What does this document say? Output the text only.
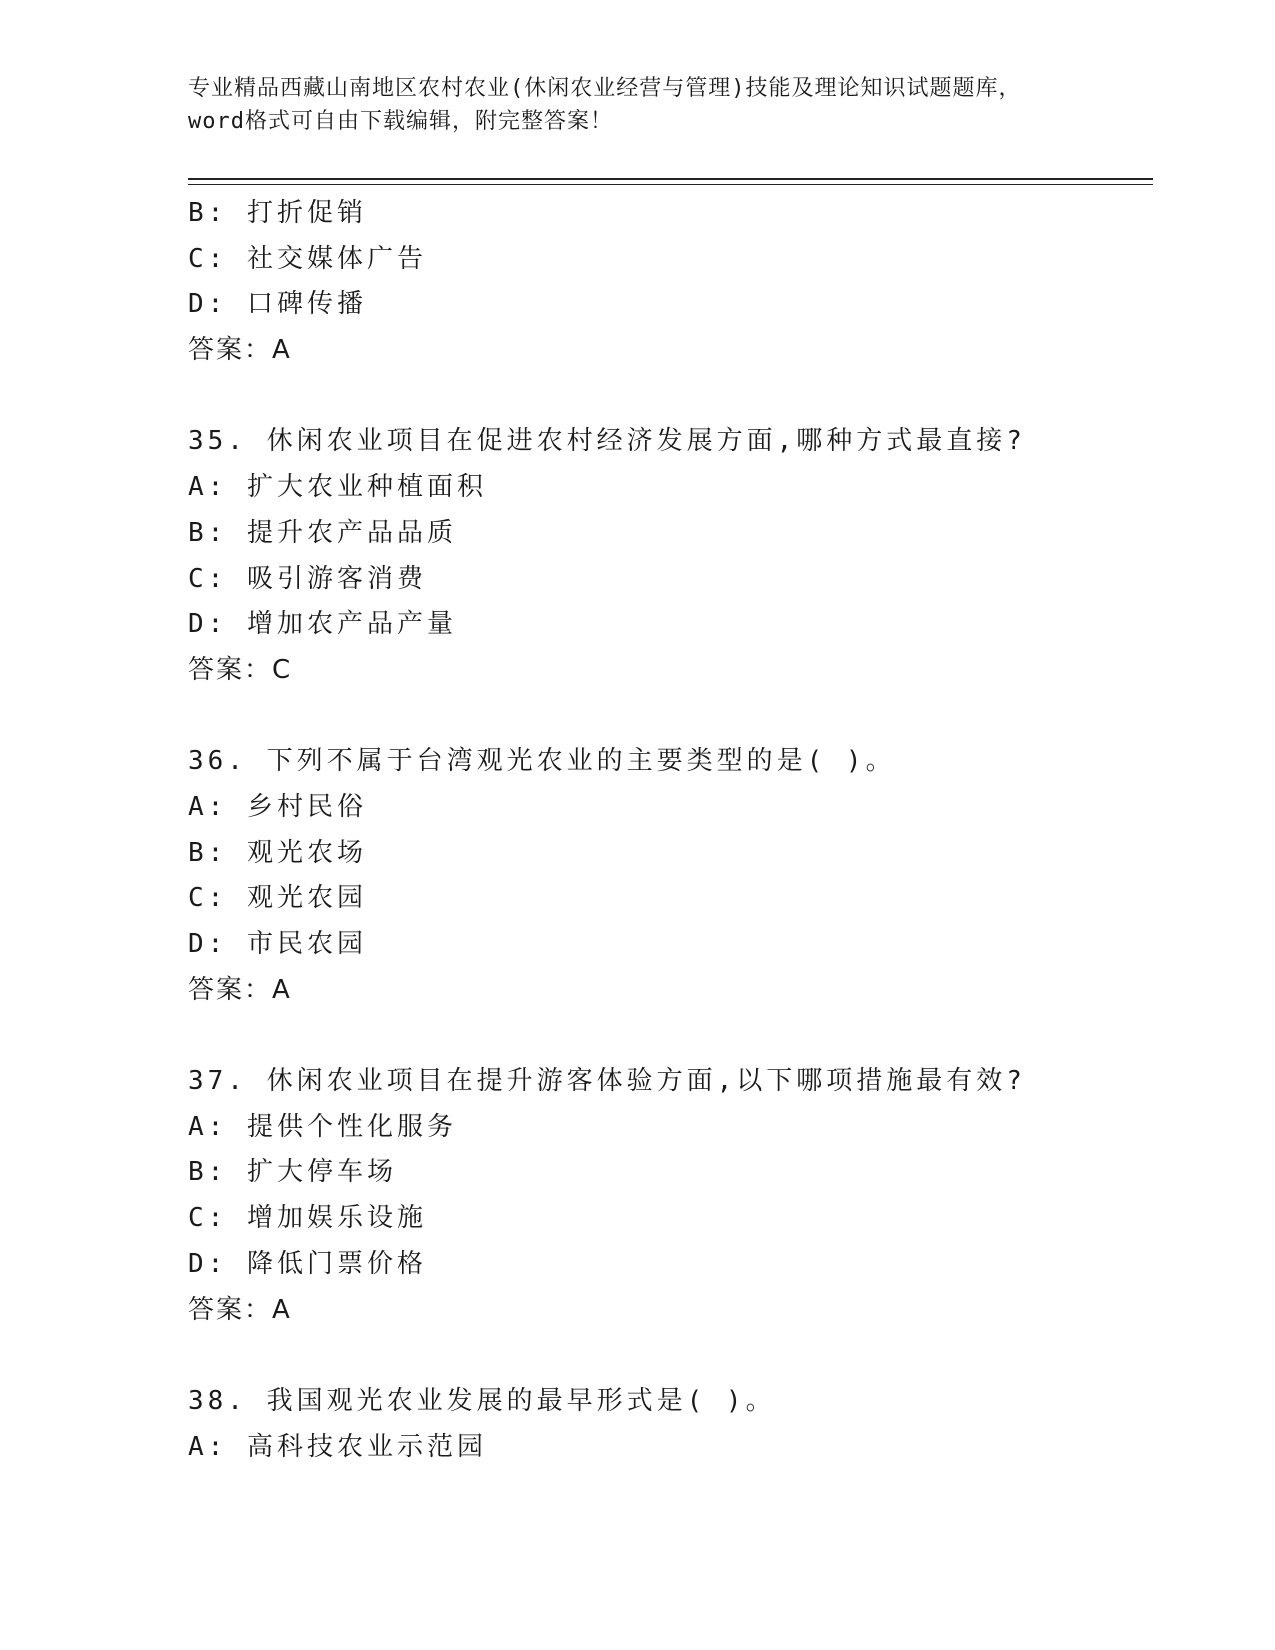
专业精品西藏山南地区农村农业(休闲农业经营与管理)技能及理论知识试题题库，
word格式可自由下载编辑，附完整答案！
B: 打折促销
C: 社交媒体广告
D: 口碑传播
答案：A
35. 休闲农业项目在促进农村经济发展方面,哪种方式最直接?
A: 扩大农业种植面积
B: 提升农产品品质
C: 吸引游客消费
D: 增加农产品产量
答案：C
36. 下列不属于台湾观光农业的主要类型的是( )。
A: 乡村民俗
B: 观光农场
C: 观光农园
D: 市民农园
答案：A
37. 休闲农业项目在提升游客体验方面,以下哪项措施最有效?
A: 提供个性化服务
B: 扩大停车场
C: 增加娱乐设施
D: 降低门票价格
答案：A
38. 我国观光农业发展的最早形式是( )。
A: 高科技农业示范园
